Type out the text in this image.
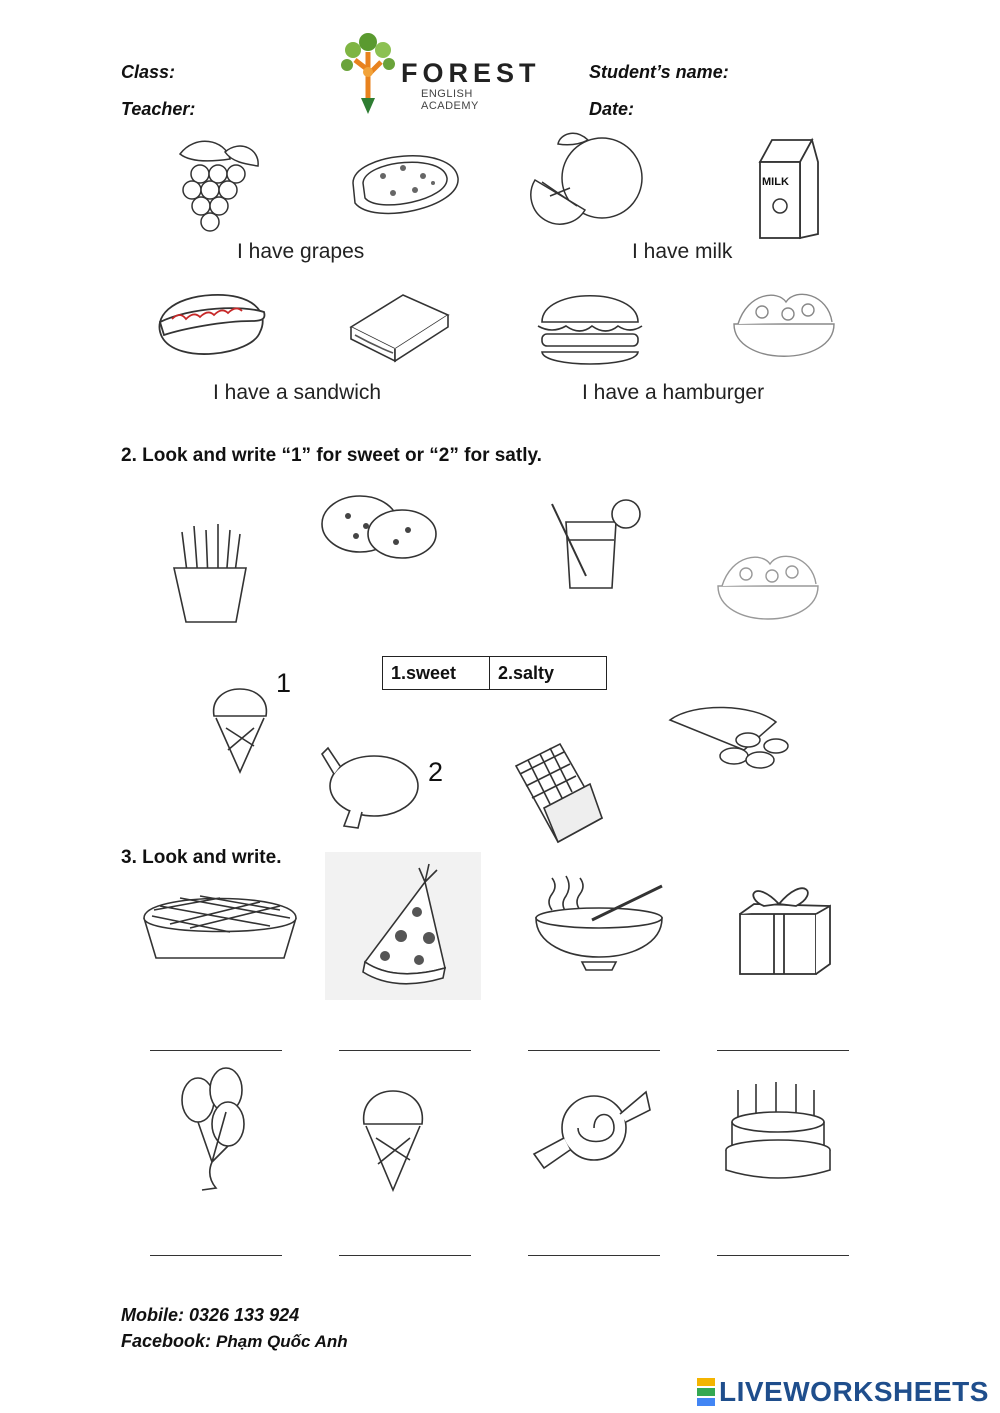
Class:
Teacher:
Student’s name:
Date:
FOREST
ENGLISH ACADEMY
MILK
I have grapes	I have milk
I have a sandwich	I have a hamburger
2. Look and write “1” for sweet or “2” for satly.
1.sweet	2.salty
1
2
3. Look and write.
Mobile: 0326 133 924
Facebook: Phạm Quốc Anh
LIVEWORKSHEETS
